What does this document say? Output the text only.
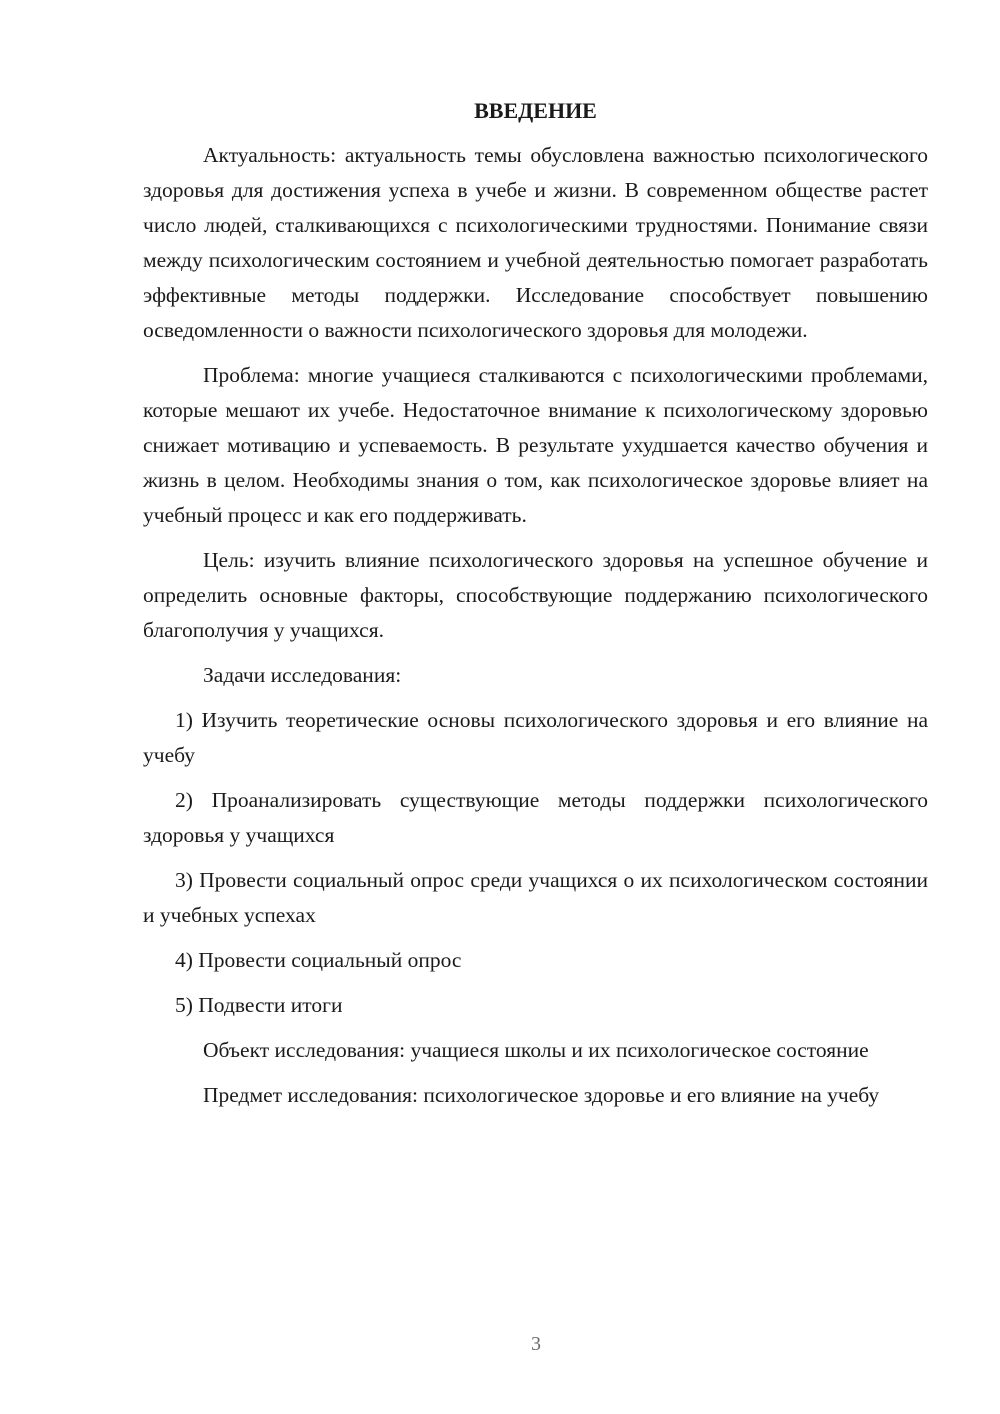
ВВЕДЕНИЕ

Актуальность: актуальность темы обусловлена важностью психологического здоровья для достижения успеха в учебе и жизни. В современном обществе растет число людей, сталкивающихся с психологическими трудностями. Понимание связи между психологическим состоянием и учебной деятельностью помогает разработать эффективные методы поддержки. Исследование способствует повышению осведомленности о важности психологического здоровья для молодежи.

Проблема: многие учащиеся сталкиваются с психологическими проблемами, которые мешают их учебе. Недостаточное внимание к психологическому здоровью снижает мотивацию и успеваемость. В результате ухудшается качество обучения и жизнь в целом. Необходимы знания о том, как психологическое здоровье влияет на учебный процесс и как его поддерживать.

Цель: изучить влияние психологического здоровья на успешное обучение и определить основные факторы, способствующие поддержанию психологического благополучия у учащихся.

Задачи исследования:

1) Изучить теоретические основы психологического здоровья и его влияние на учебу

2) Проанализировать существующие методы поддержки психологического здоровья у учащихся

3) Провести социальный опрос среди учащихся о их психологическом состоянии и учебных успехах

4) Провести социальный опрос

5) Подвести итоги

Объект исследования: учащиеся школы и их психологическое состояние

Предмет исследования: психологическое здоровье и его влияние на учебу

3
